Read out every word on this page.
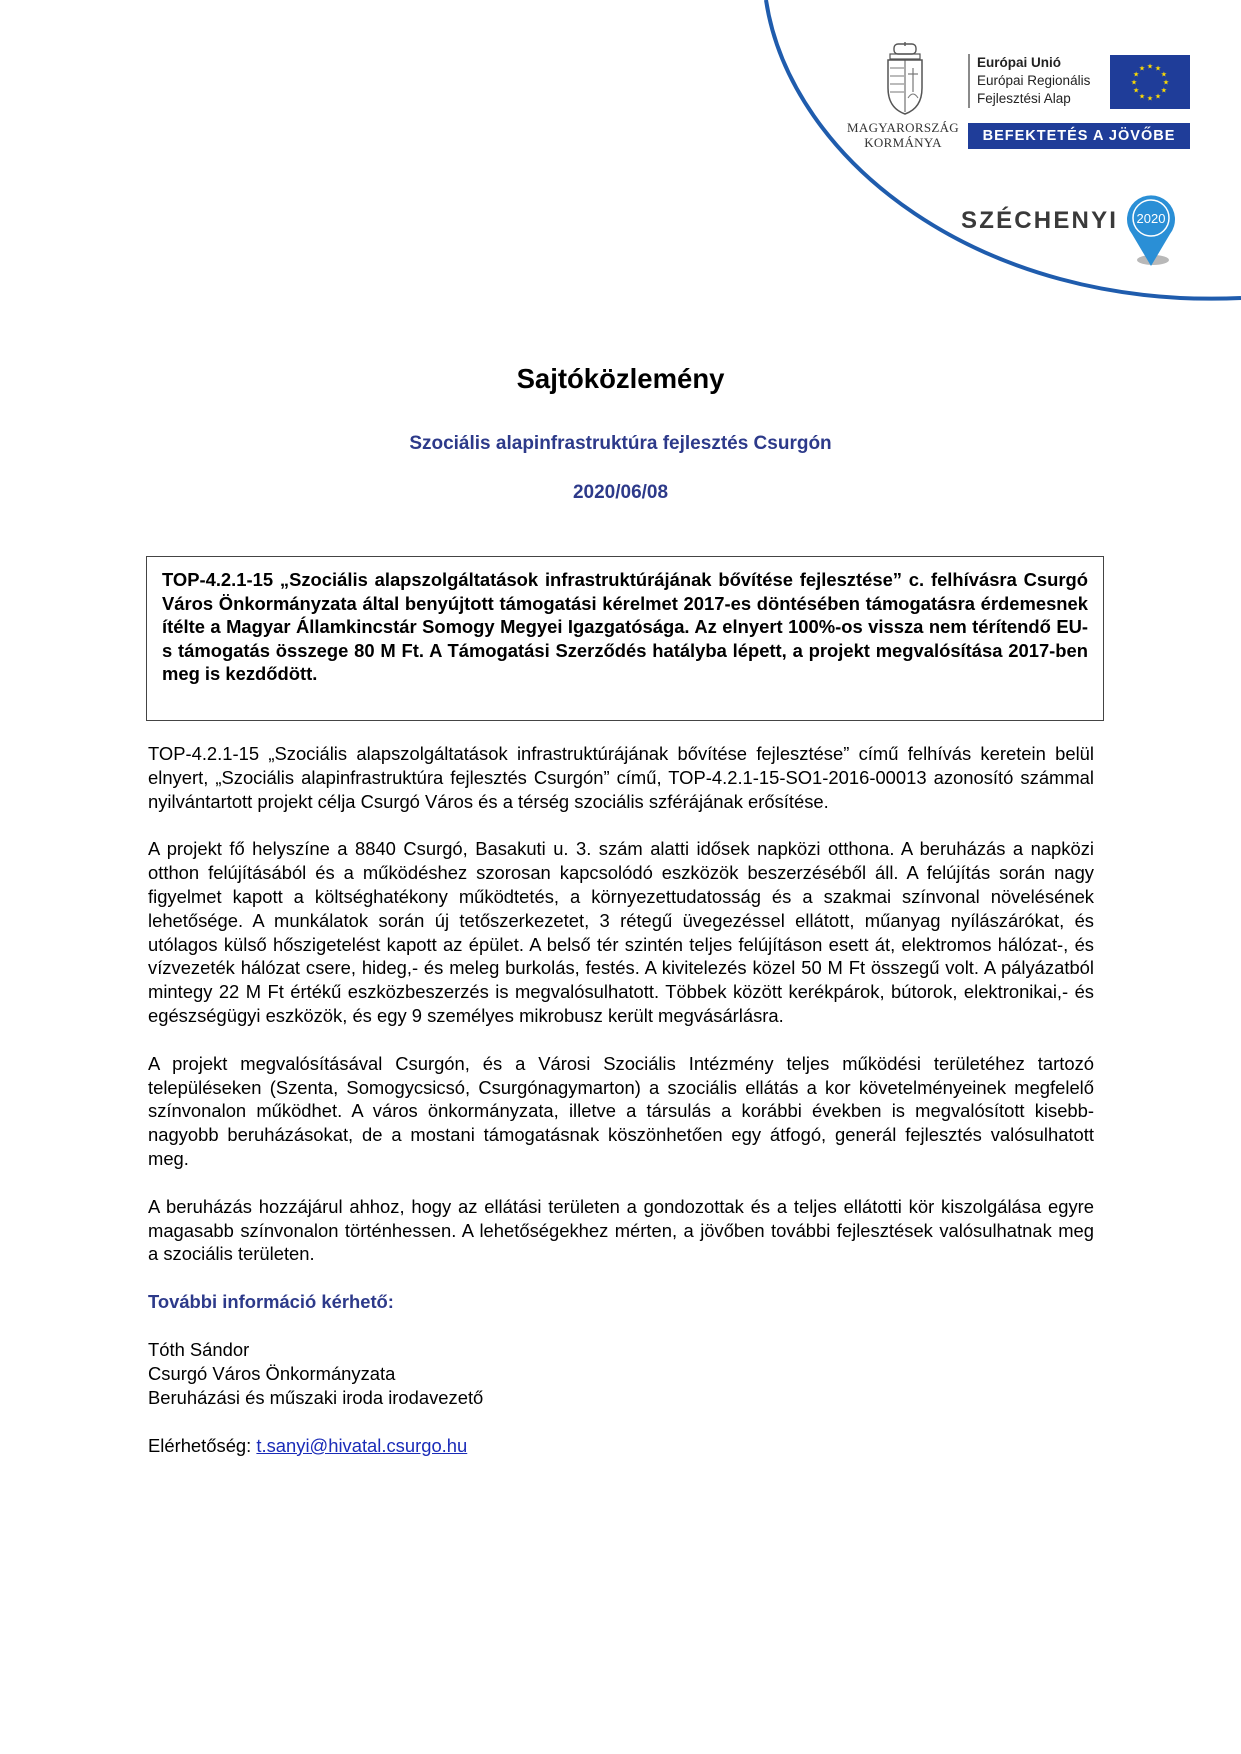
MAGYARORSZÁG
KORMÁNYA
Európai Unió
Európai Regionális
Fejlesztési Alap
★ ★
★
★
★
★
★
★
★
★
★
★
BEFEKTETÉS A JÖVŐBE
SZÉCHENYI 2020
Sajtóközlemény
Szociális alapinfrastruktúra fejlesztés Csurgón
2020/06/08
TOP-4.2.1-15 „Szociális alapszolgáltatások infrastruktúrájának bővítése fejlesztése” c. felhívásra Csurgó Város Önkormányzata által benyújtott támogatási kérelmet 2017-es döntésében támogatásra érdemesnek ítélte a Magyar Államkincstár Somogy Megyei Igazgatósága. Az elnyert 100%-os vissza nem térítendő EU-s támogatás összege 80 M Ft. A Támogatási Szerződés hatályba lépett, a projekt megvalósítása 2017-ben meg is kezdődött.

TOP-4.2.1-15 „Szociális alapszolgáltatások infrastruktúrájának bővítése fejlesztése” című felhívás keretein belül elnyert, „Szociális alapinfrastruktúra fejlesztés Csurgón” című, TOP-4.2.1-15-SO1-2016-00013 azonosító számmal nyilvántartott projekt célja Csurgó Város és a térség szociális szférájának erősítése.

A projekt fő helyszíne a 8840 Csurgó, Basakuti u. 3. szám alatti idősek napközi otthona. A beruházás a napközi otthon felújításából és a működéshez szorosan kapcsolódó eszközök beszerzéséből áll. A felújítás során nagy figyelmet kapott a költséghatékony működtetés, a környezettudatosság és a szakmai színvonal növelésének lehetősége. A munkálatok során új tetőszerkezetet, 3 rétegű üvegezéssel ellátott, műanyag nyílászárókat, és utólagos külső hőszigetelést kapott az épület. A belső tér szintén teljes felújításon esett át, elektromos hálózat-, és vízvezeték hálózat csere, hideg,- és meleg burkolás, festés. A kivitelezés közel 50 M Ft összegű volt. A pályázatból mintegy 22 M Ft értékű eszközbeszerzés is megvalósulhatott. Többek között kerékpárok, bútorok, elektronikai,- és egészségügyi eszközök, és egy 9 személyes mikrobusz került megvásárlásra.

A projekt megvalósításával Csurgón, és a Városi Szociális Intézmény teljes működési területéhez tartozó településeken (Szenta, Somogycsicsó, Csurgónagymarton) a szociális ellátás a kor követelményeinek megfelelő színvonalon működhet. A város önkormányzata, illetve a társulás a korábbi években is megvalósított kisebb-nagyobb beruházásokat, de a mostani támogatásnak köszönhetően egy átfogó, generál fejlesztés valósulhatott meg.

A beruházás hozzájárul ahhoz, hogy az ellátási területen a gondozottak és a teljes ellátotti kör kiszolgálása egyre magasabb színvonalon történhessen. A lehetőségekhez mérten, a jövőben további fejlesztések valósulhatnak meg a szociális területen.

További információ kérhető:
Tóth Sándor
Csurgó Város Önkormányzata
Beruházási és műszaki iroda irodavezető
Elérhetőség: t.sanyi@hivatal.csurgo.hu
